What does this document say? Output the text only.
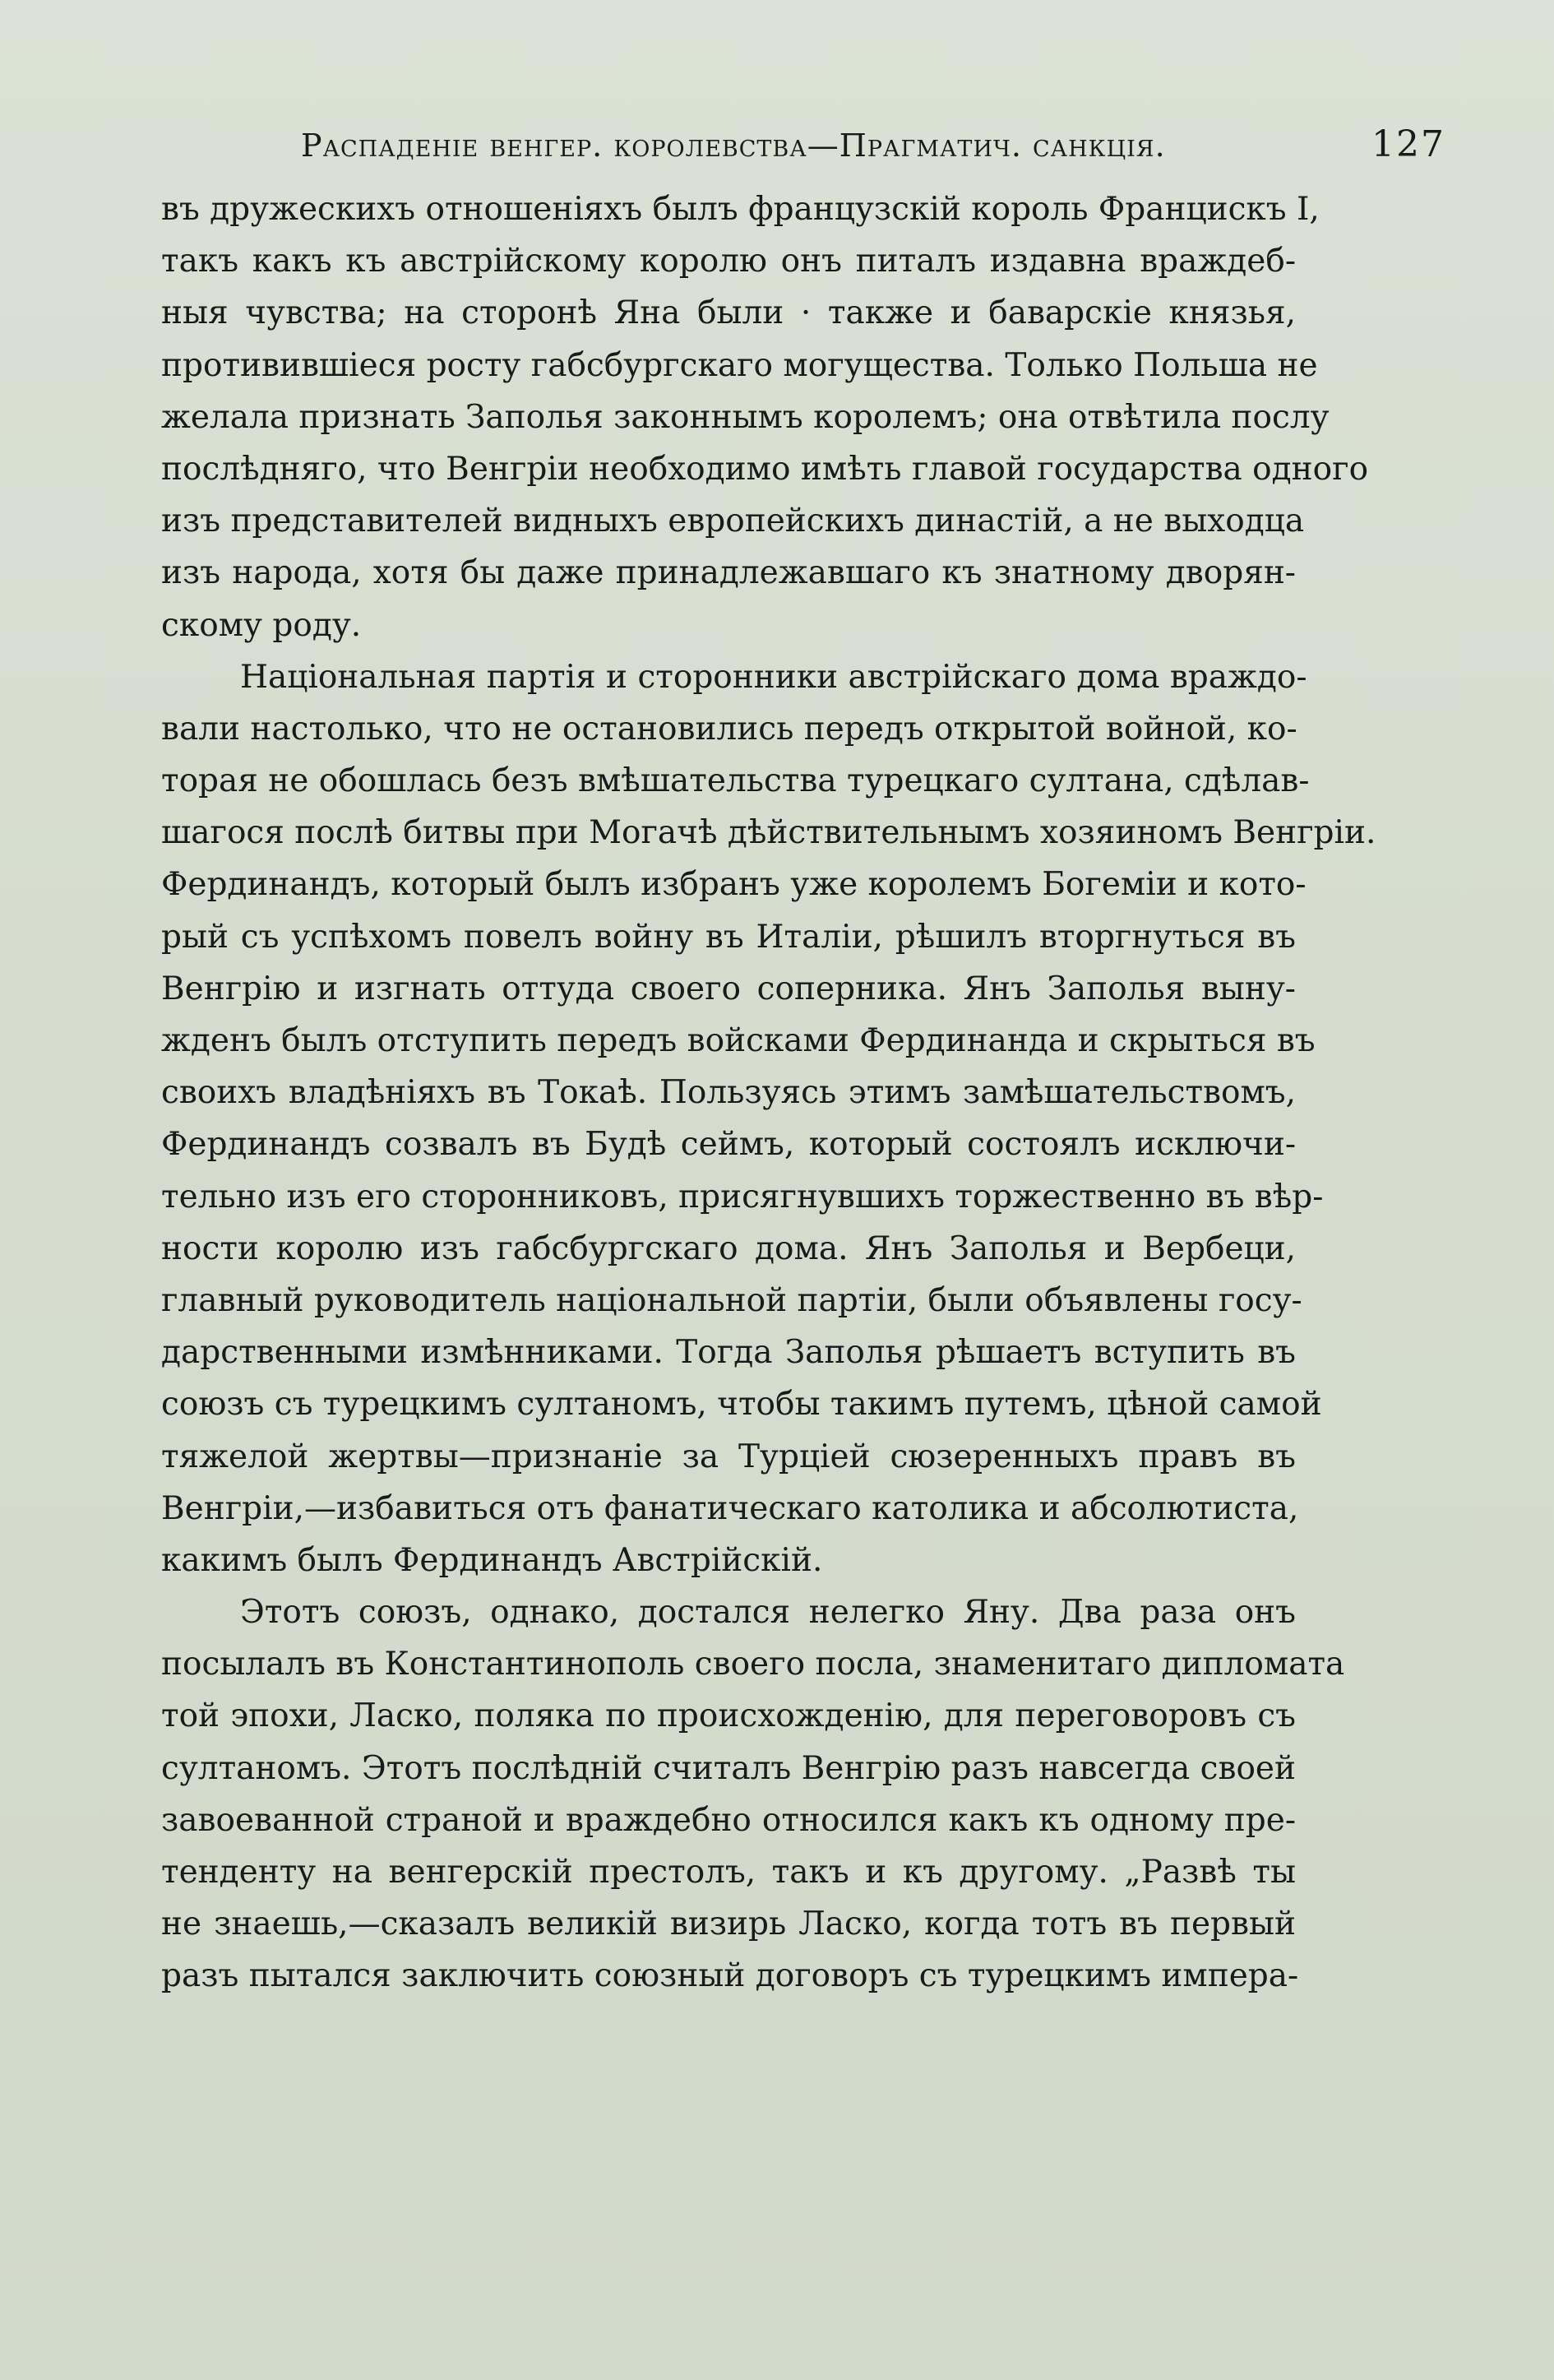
Распаденіе венгер. королевства—Прагматич. санкція.	127
въ дружескихъ отношеніяхъ былъ французскій король Францискъ I,
такъ какъ къ австрійскому королю онъ питалъ издавна враждеб-
ныя чувства; на сторонѣ Яна были · также и баварскіе князья,
противившіеся росту габсбургскаго могущества. Только Польша не
желала признать Заполья законнымъ королемъ; она отвѣтила послу
послѣдняго, что Венгріи необходимо имѣть главой государства одного
изъ представителей видныхъ европейскихъ династій, а не выходца
изъ народа, хотя бы даже принадлежавшаго къ знатному дворян-
скому роду.
Національная партія и сторонники австрійскаго дома враждо-
вали настолько, что не остановились передъ открытой войной, ко-
торая не обошлась безъ вмѣшательства турецкаго султана, сдѣлав-
шагося послѣ битвы при Могачѣ дѣйствительнымъ хозяиномъ Венгріи.
Фердинандъ, который былъ избранъ уже королемъ Богеміи и кото-
рый съ успѣхомъ повелъ войну въ Италіи, рѣшилъ вторгнуться въ
Венгрію и изгнать оттуда своего соперника. Янъ Заполья выну-
жденъ былъ отступить передъ войсками Фердинанда и скрыться въ
своихъ владѣніяхъ въ Токаѣ. Пользуясь этимъ замѣшательствомъ,
Фердинандъ созвалъ въ Будѣ сеймъ, который состоялъ исключи-
тельно изъ его сторонниковъ, присягнувшихъ торжественно въ вѣр-
ности королю изъ габсбургскаго дома. Янъ Заполья и Вербеци,
главный руководитель національной партіи, были объявлены госу-
дарственными измѣнниками. Тогда Заполья рѣшаетъ вступить въ
союзъ съ турецкимъ султаномъ, чтобы такимъ путемъ, цѣной самой
тяжелой жертвы—признаніе за Турціей сюзеренныхъ правъ въ
Венгріи,—избавиться отъ фанатическаго католика и абсолютиста,
какимъ былъ Фердинандъ Австрійскій.
Этотъ союзъ, однако, достался нелегко Яну. Два раза онъ
посылалъ въ Константинополь своего посла, знаменитаго дипломата
той эпохи, Ласко, поляка по происхожденію, для переговоровъ съ
султаномъ. Этотъ послѣдній считалъ Венгрію разъ навсегда своей
завоеванной страной и враждебно относился какъ къ одному пре-
тенденту на венгерскій престолъ, такъ и къ другому. „Развѣ ты
не знаешь,—сказалъ великій визирь Ласко, когда тотъ въ первый
разъ пытался заключить союзный договоръ съ турецкимъ импера-
